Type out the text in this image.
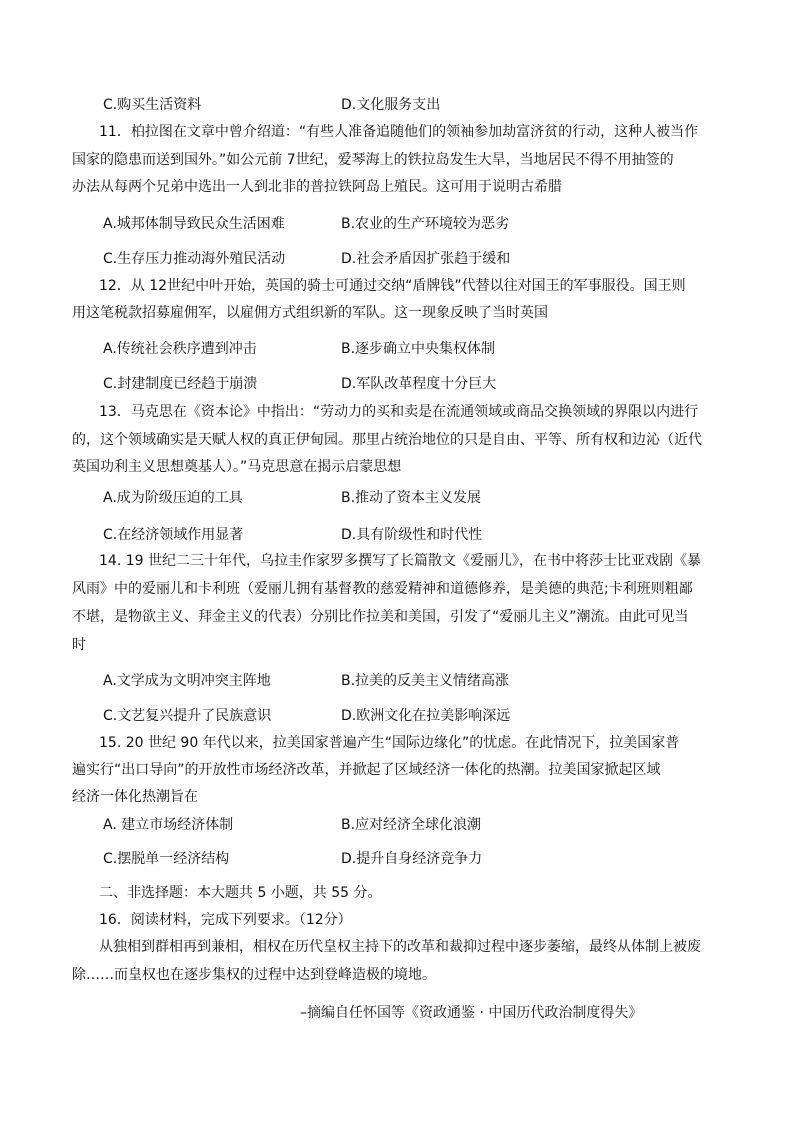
C.购买生活资料	D.文化服务支出
11．柏拉图在文章中曾介绍道：“有些人准备追随他们的领袖参加劫富济贫的行动，这种人被当作
国家的隐患而送到国外。”如公元前 7世纪，爱琴海上的铁拉岛发生大旱，当地居民不得不用抽签的
办法从每两个兄弟中选出一人到北非的普拉铁阿岛上殖民。这可用于说明古希腊
A.城邦体制导致民众生活困难	B.农业的生产环境较为恶劣
C.生存压力推动海外殖民活动	D.社会矛盾因扩张趋于缓和
12．从 12世纪中叶开始，英国的骑士可通过交纳“盾牌钱”代替以往对国王的军事服役。国王则
用这笔税款招募雇佣军，以雇佣方式组织新的军队。这一现象反映了当时英国
A.传统社会秩序遭到冲击	B.逐步确立中央集权体制
C.封建制度已经趋于崩溃	D.军队改革程度十分巨大
13．马克思在《资本论》中指出：“劳动力的买和卖是在流通领域或商品交换领域的界限以内进行
的，这个领域确实是天赋人权的真正伊甸园。那里占统治地位的只是自由、平等、所有权和边沁（近代
英国功利主义思想奠基人）。”马克思意在揭示启蒙思想
A.成为阶级压迫的工具	B.推动了资本主义发展
C.在经济领域作用显著	D.具有阶级性和时代性
14. 19 世纪二三十年代，乌拉圭作家罗多撰写了长篇散文《爱丽儿》，在书中将莎士比亚戏剧《暴
风雨》中的爱丽儿和卡利班（爱丽儿拥有基督教的慈爱精神和道德修养，是美德的典范;卡利班则粗鄙
不堪，是物欲主义、拜金主义的代表）分别比作拉美和美国，引发了“爱丽儿主义”潮流。由此可见当
时
A.文学成为文明冲突主阵地	B.拉美的反美主义情绪高涨
C.文艺复兴提升了民族意识	D.欧洲文化在拉美影响深远
15. 20 世纪 90 年代以来，拉美国家普遍产生“国际边缘化”的忧虑。在此情况下，拉美国家普
遍实行“出口导向”的开放性市场经济改革，并掀起了区域经济一体化的热潮。拉美国家掀起区域
经济一体化热潮旨在
A. 建立市场经济体制	B.应对经济全球化浪潮
C.摆脱单一经济结构	D.提升自身经济竞争力
二、非选择题：本大题共 5 小题，共 55 分。
16．阅读材料，完成下列要求。（12分）
从独相到群相再到兼相，相权在历代皇权主持下的改革和裁抑过程中逐步萎缩，最终从体制上被废
除……而皇权也在逐步集权的过程中达到登峰造极的境地。
–摘编自任怀国等《资政通鉴 · 中国历代政治制度得失》
